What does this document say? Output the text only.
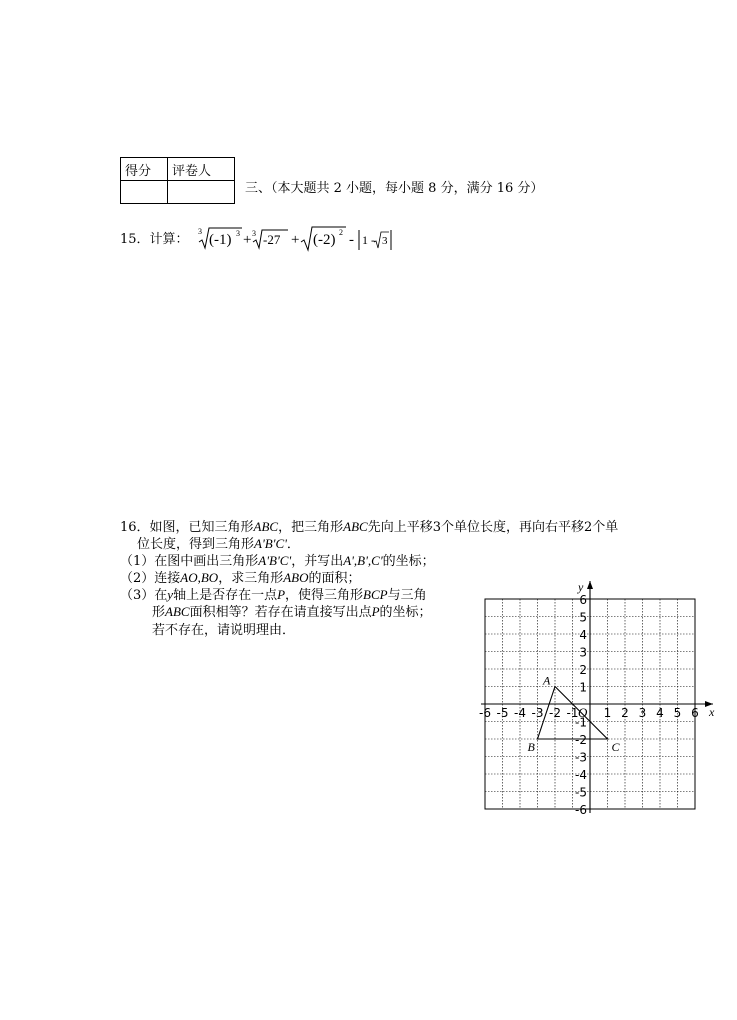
得分	评卷人

三、（本大题共 2 小题，每小题 8 分，满分 16 分）
15．计算：
3
(-1) 3 + 3 -27 + (-2) 2 - 1 - 3
16．如图，已知三角形ABC，把三角形ABC先向上平移3个单位长度，再向右平移2个单
位长度，得到三角形A'B'C'．
（1）在图中画出三角形A'B'C'，并写出A',B',C'的坐标；
（2）连接AO,BO，求三角形ABO的面积；
（3）在y轴上是否存在一点P，使得三角形BCP与三角
形ABC面积相等？若存在请直接写出点P的坐标；
若不存在，请说明理由．
x
y
-6 -5 -4 -3 -2 -1 1 2 3 4 5 6
6
5
4
3
2
1
-1
-2
-3
-4
-5
-6
O
A
B	C
